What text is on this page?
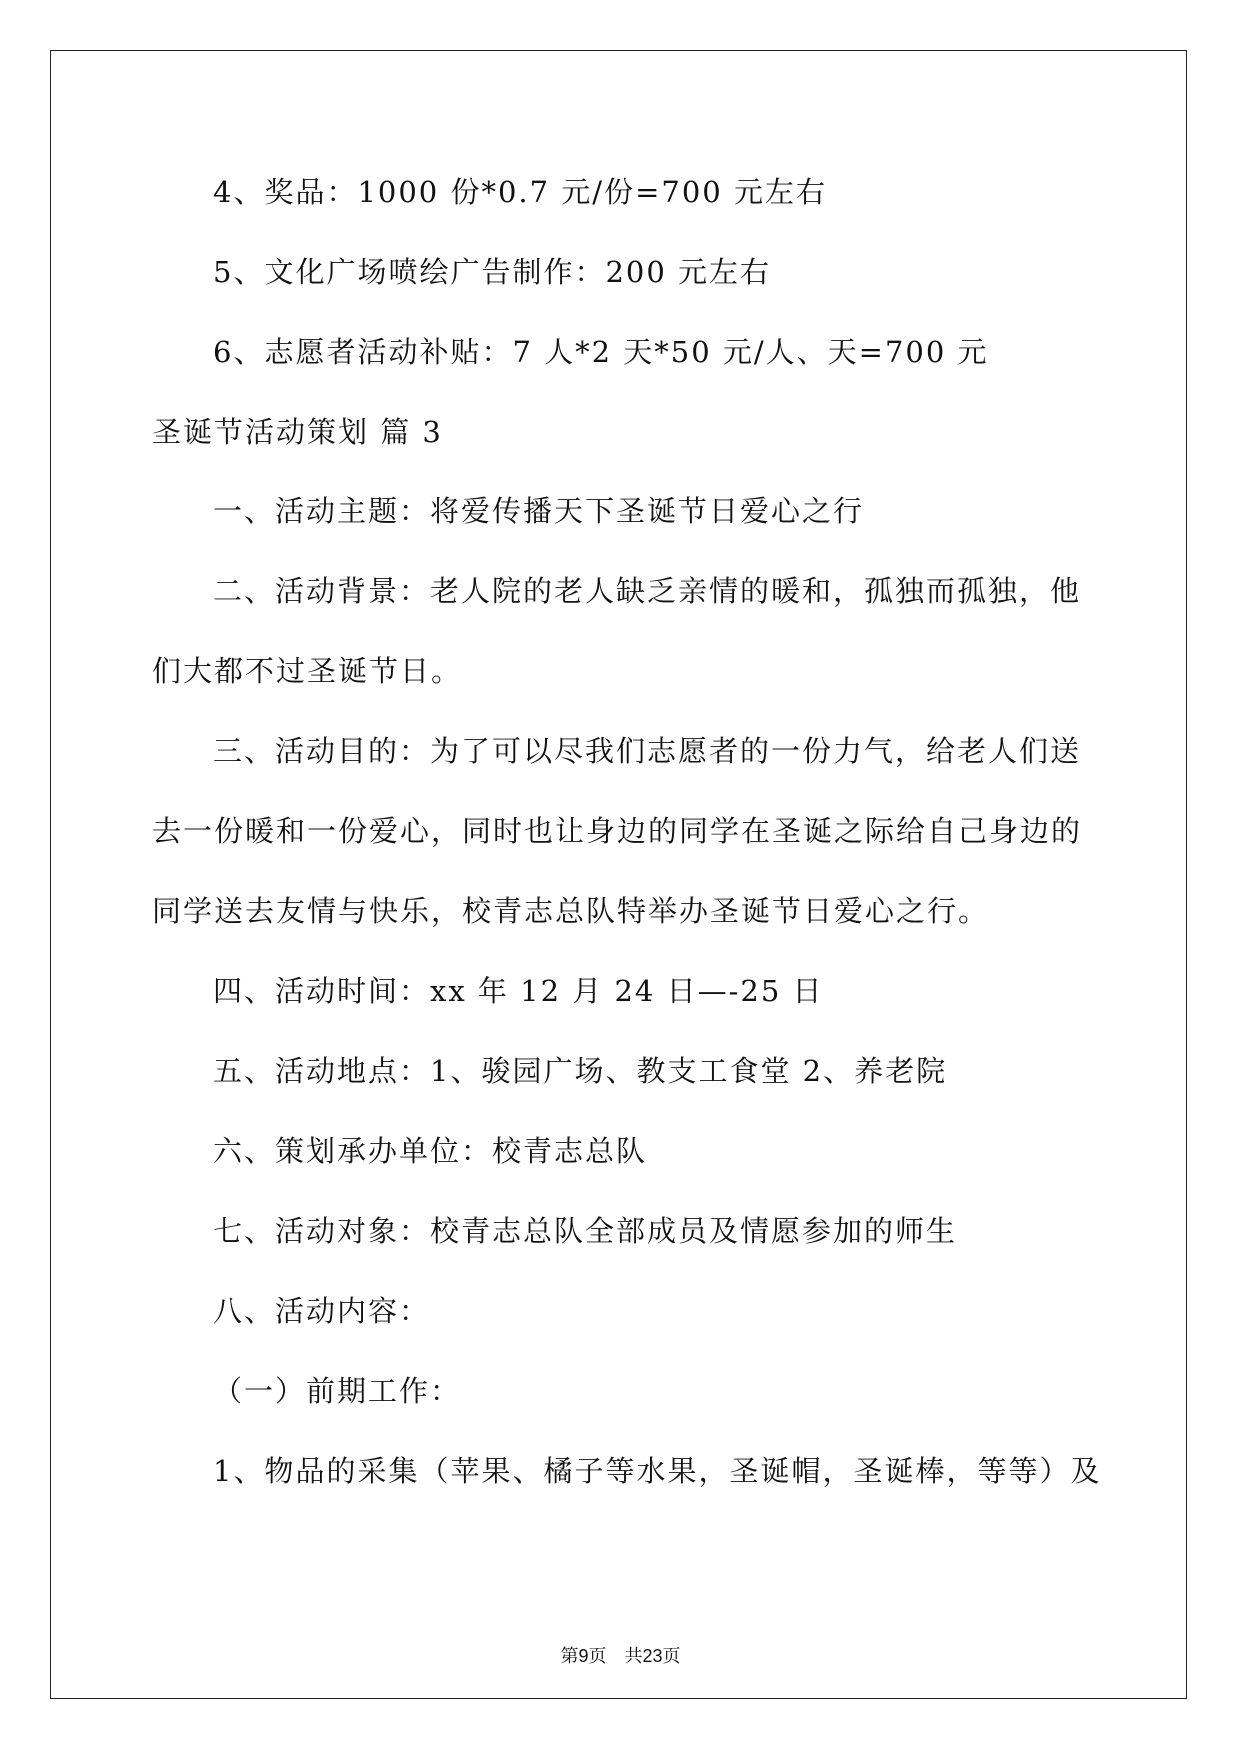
4、奖品：1000 份*0.7 元/份=700 元左右
5、文化广场喷绘广告制作：200 元左右
6、志愿者活动补贴：7 人*2 天*50 元/人、天=700 元
圣诞节活动策划 篇 3
一、活动主题：将爱传播天下圣诞节日爱心之行
二、活动背景：老人院的老人缺乏亲情的暖和，孤独而孤独，他
们大都不过圣诞节日。
三、活动目的：为了可以尽我们志愿者的一份力气，给老人们送
去一份暖和一份爱心，同时也让身边的同学在圣诞之际给自己身边的
同学送去友情与快乐，校青志总队特举办圣诞节日爱心之行。
四、活动时间：xx 年 12 月 24 日—-25 日
五、活动地点：1、骏园广场、教支工食堂 2、养老院
六、策划承办单位：校青志总队
七、活动对象：校青志总队全部成员及情愿参加的师生
八、活动内容：
（一）前期工作：
1、物品的采集（苹果、橘子等水果，圣诞帽，圣诞棒，等等）及
第9页 共23页
